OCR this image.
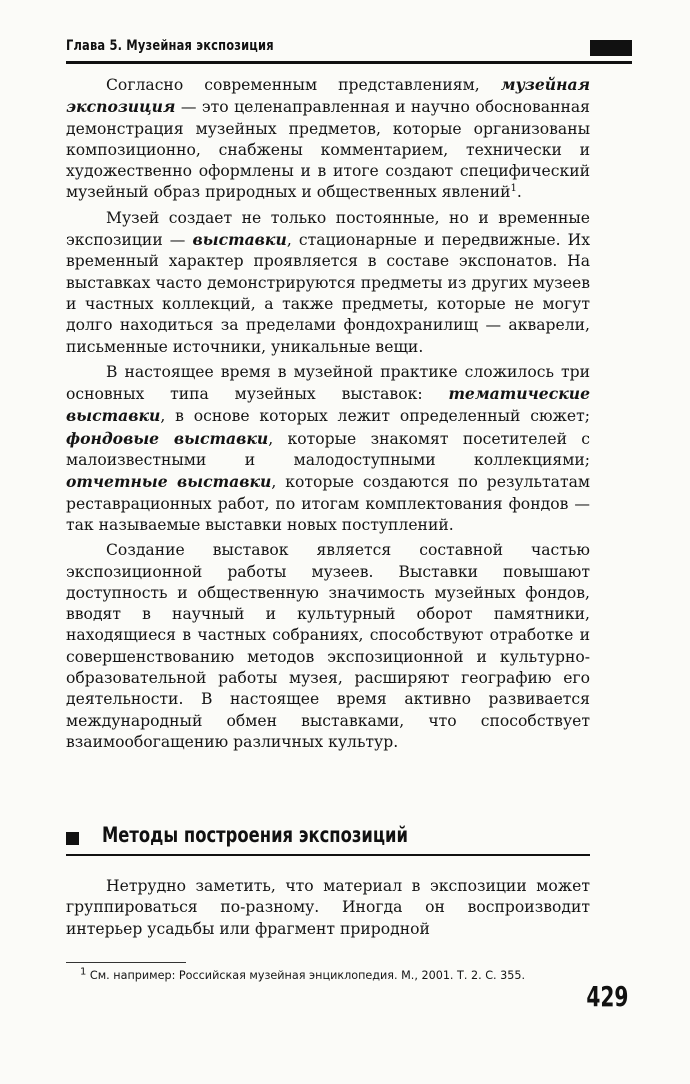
Глава 5. Музейная экспозиция

Согласно современным представлениям, музейная экспозиция — это целенаправленная и научно обоснованная демонстрация музейных предметов, которые организованы композиционно, снабжены комментарием, технически и художественно оформлены и в итоге создают специфический музейный образ природных и общественных явлений$^1$.

Музей создает не только постоянные, но и временные экспозиции — выставки, стационарные и передвижные. Их временный характер проявляется в составе экспонатов. На выставках часто демонстрируются предметы из других музеев и частных коллекций, а также предметы, которые не могут долго находиться за пределами фондохранилищ — акварели, письменные источники, уникальные вещи.

В настоящее время в музейной практике сложилось три основных типа музейных выставок: тематические выставки, в основе которых лежит определенный сюжет; фондовые выставки, которые знакомят посетителей с малоизвестными и малодоступными коллекциями; отчетные выставки, которые создаются по результатам реставрационных работ, по итогам комплектования фондов — так называемые выставки новых поступлений.

Создание выставок является составной частью экспозиционной работы музеев. Выставки повышают доступность и общественную значимость музейных фондов, вводят в научный и культурный оборот памятники, находящиеся в частных собраниях, способствуют отработке и совершенствованию методов экспозиционной и культурно-образовательной работы музея, расширяют географию его деятельности. В настоящее время активно развивается международный обмен выставками, что способствует взаимообогащению различных культур.

Методы построения экспозиций

Нетрудно заметить, что материал в экспозиции может группироваться по-разному. Иногда он воспроизводит интерьер усадьбы или фрагмент природной

$^1$ См. например: Российская музейная энциклопедия. М., 2001. Т. 2. С. 355.
429
